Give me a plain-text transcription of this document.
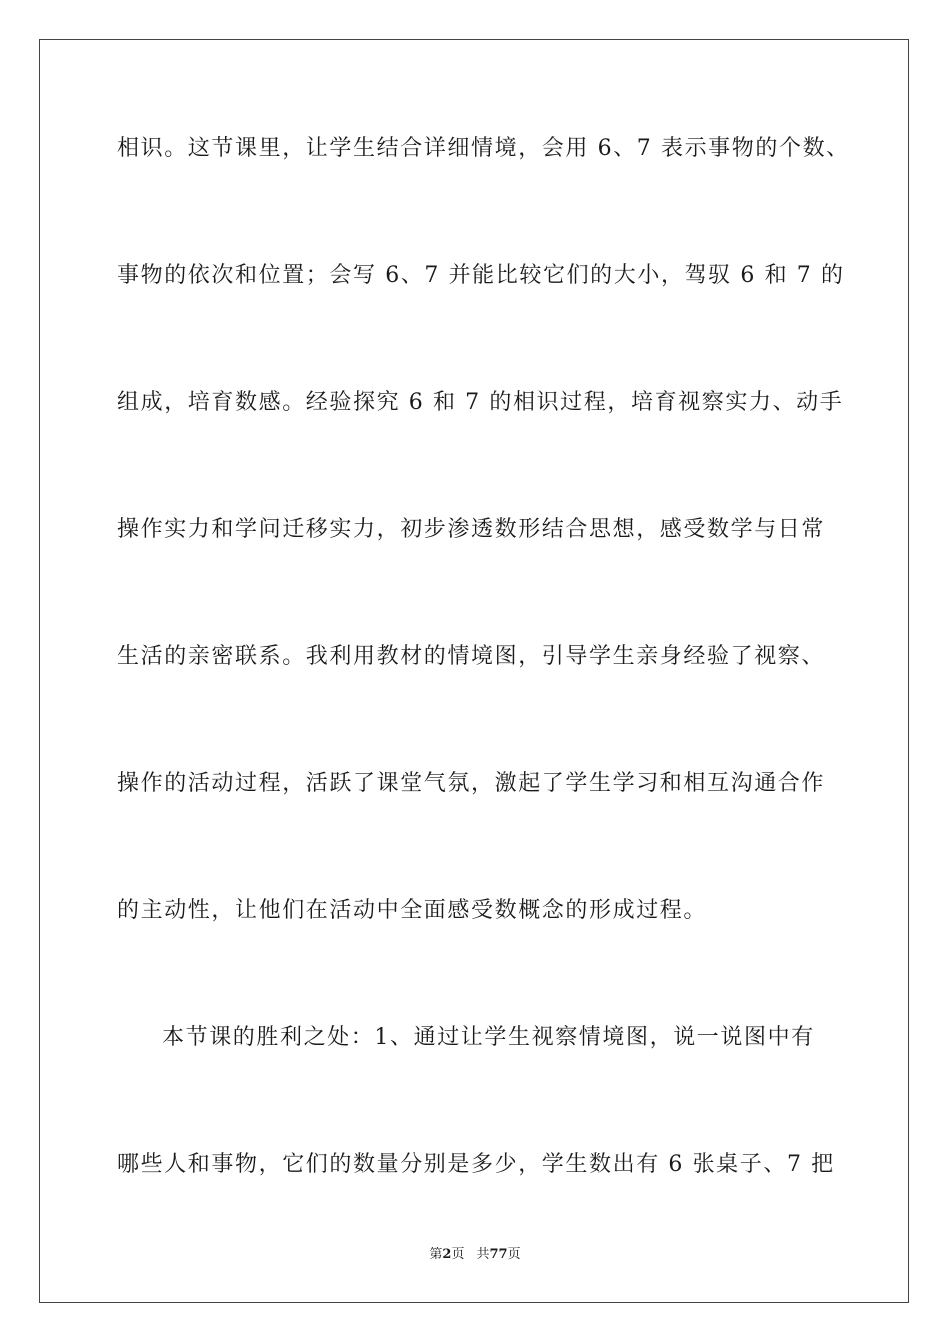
相识。这节课里，让学生结合详细情境，会用 6、7 表示事物的个数、
事物的依次和位置；会写 6、7 并能比较它们的大小，驾驭 6 和 7 的
组成，培育数感。经验探究 6 和 7 的相识过程，培育视察实力、动手
操作实力和学问迁移实力，初步渗透数形结合思想，感受数学与日常
生活的亲密联系。我利用教材的情境图，引导学生亲身经验了视察、
操作的活动过程，活跃了课堂气氛，激起了学生学习和相互沟通合作
的主动性，让他们在活动中全面感受数概念的形成过程。
本节课的胜利之处：1、通过让学生视察情境图，说一说图中有
哪些人和事物，它们的数量分别是多少，学生数出有 6 张桌子、7 把
第2页 共77页
